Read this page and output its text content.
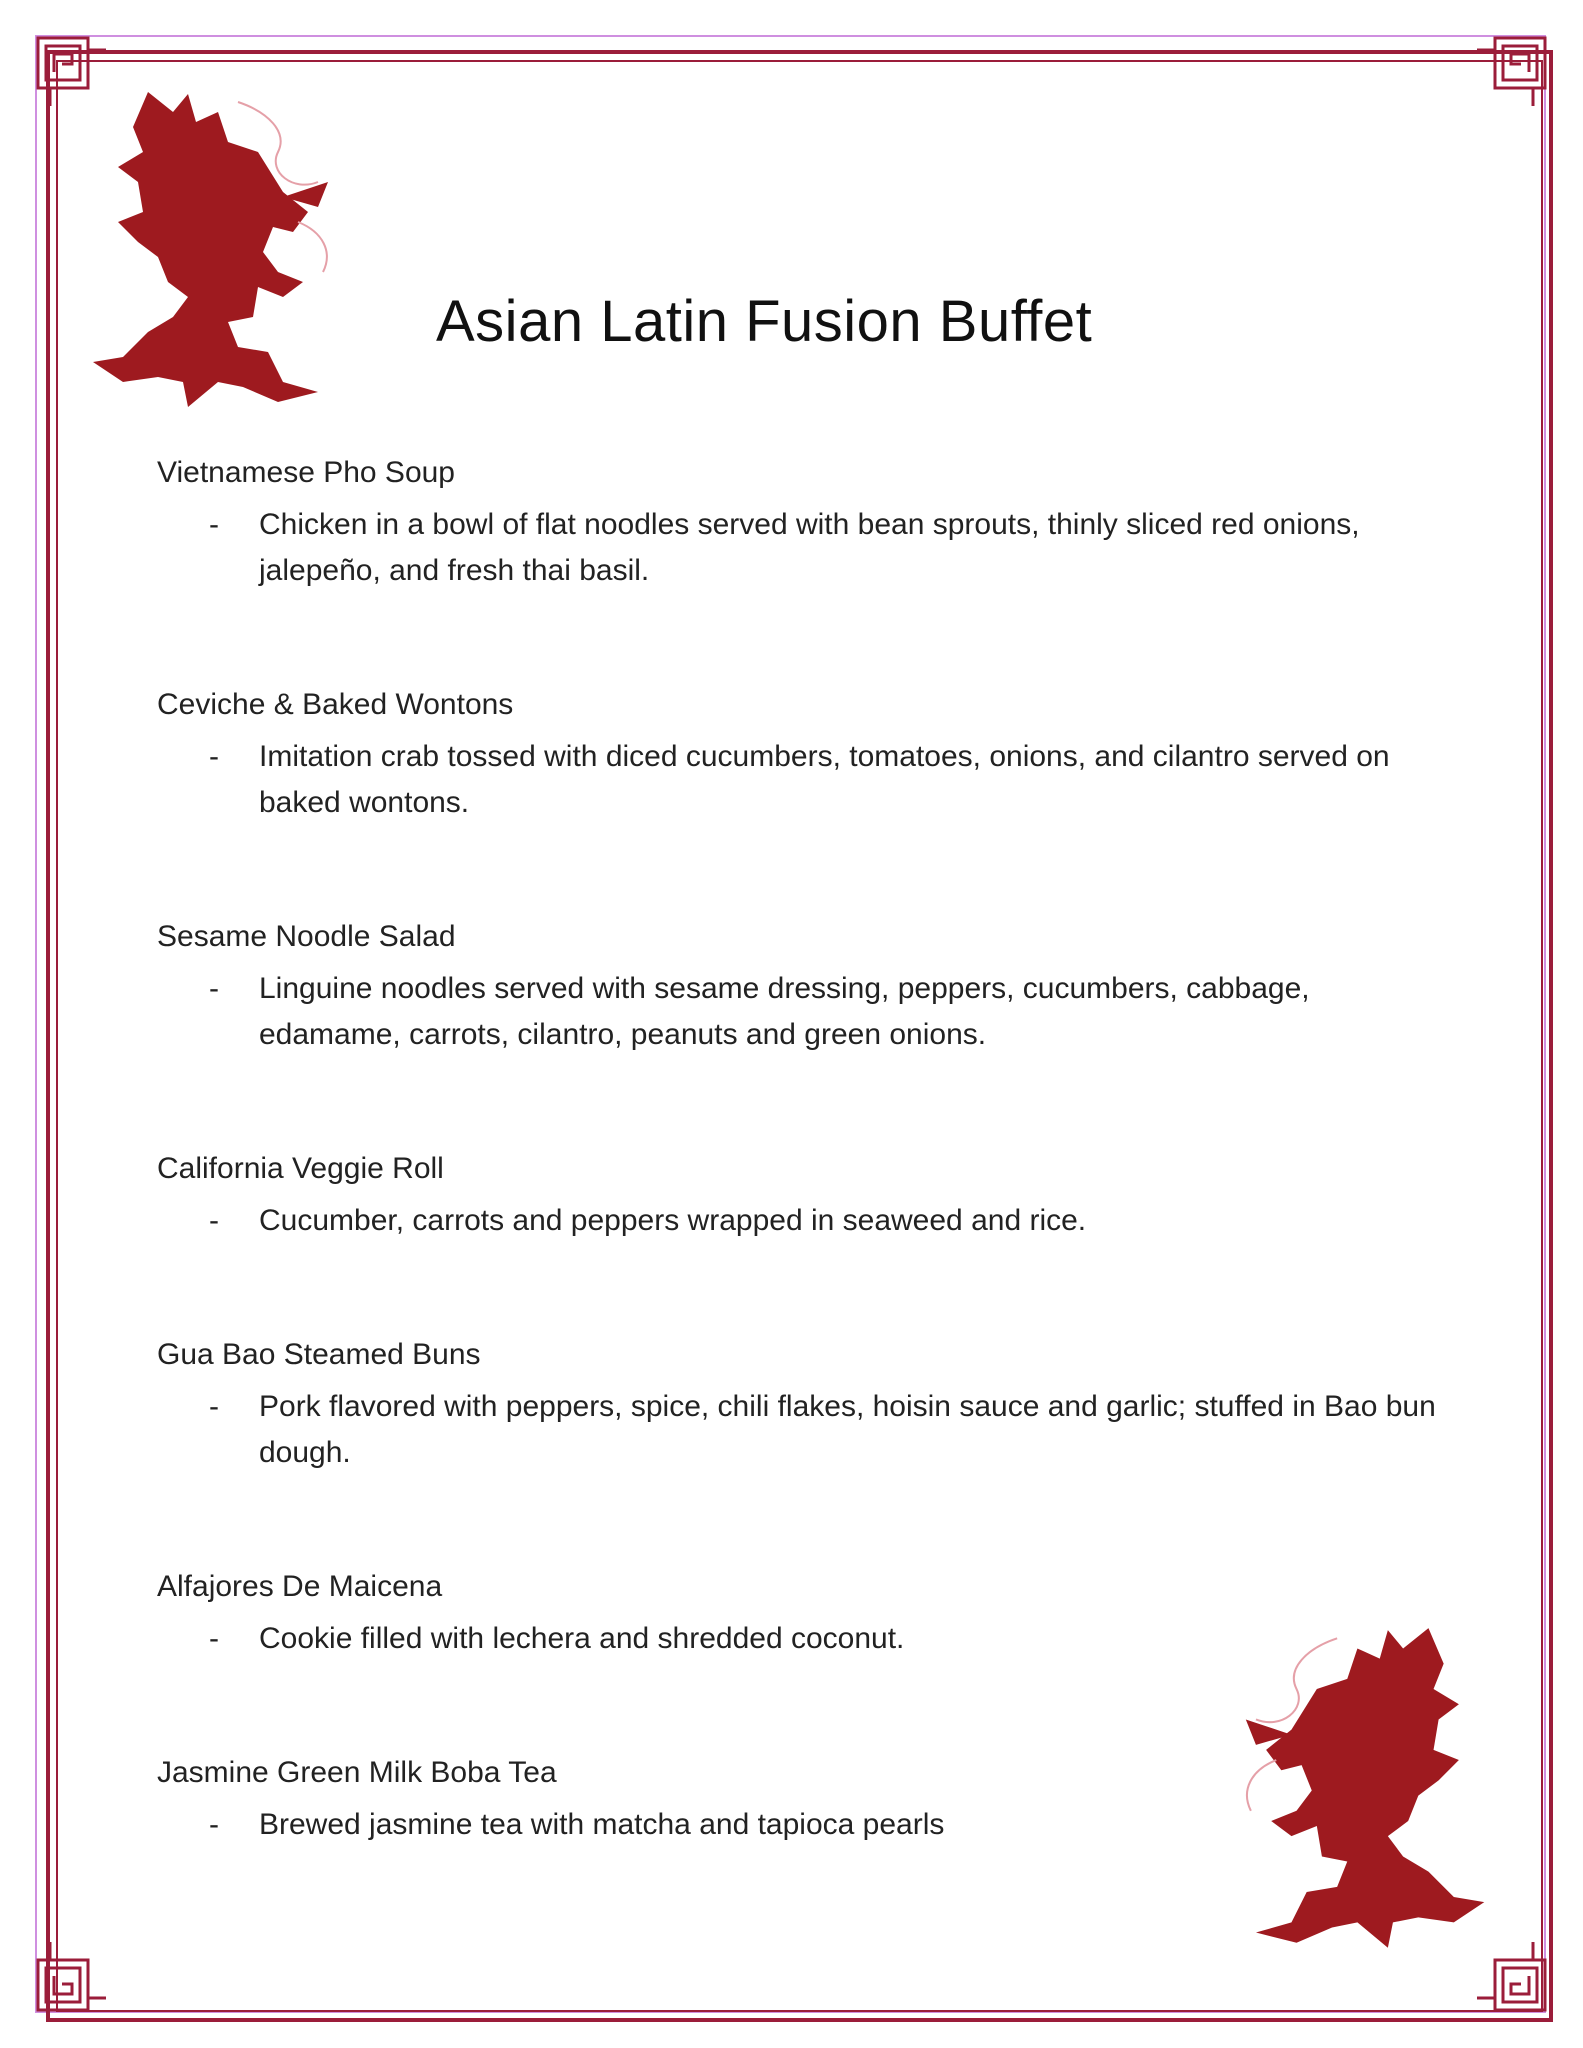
Asian Latin Fusion Buffet
Vietnamese Pho Soup
- Chicken in a bowl of flat noodles served with bean sprouts, thinly sliced red onions, jalepeño, and fresh thai basil.
Ceviche & Baked Wontons
- Imitation crab tossed with diced cucumbers, tomatoes, onions, and cilantro served on baked wontons.
Sesame Noodle Salad
- Linguine noodles served with sesame dressing, peppers, cucumbers, cabbage, edamame, carrots, cilantro, peanuts and green onions.
California Veggie Roll
- Cucumber, carrots and peppers wrapped in seaweed and rice.
Gua Bao Steamed Buns
- Pork flavored with peppers, spice, chili flakes, hoisin sauce and garlic; stuffed in Bao bun dough.
Alfajores De Maicena
- Cookie filled with lechera and shredded coconut.
Jasmine Green Milk Boba Tea
- Brewed jasmine tea with matcha and tapioca pearls
